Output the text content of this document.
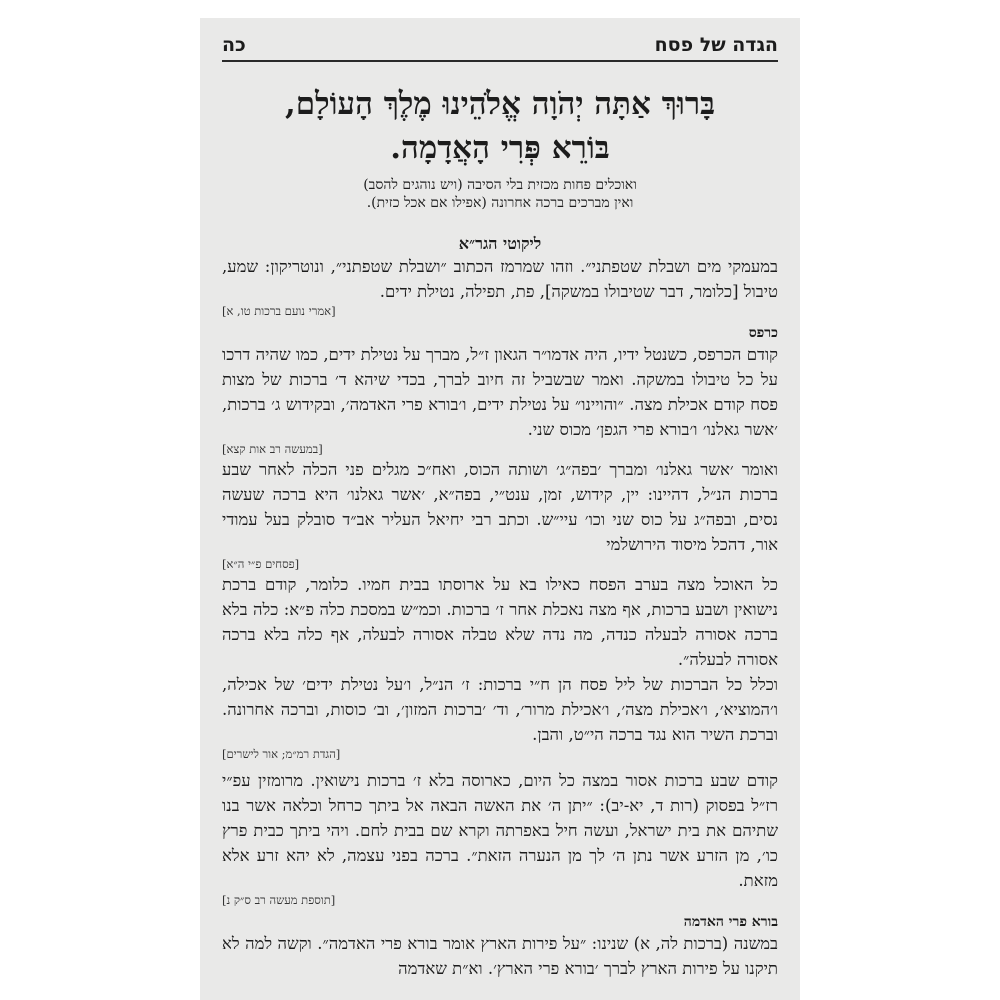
הגדה של פסח
כה
בָּרוּךְ אַתָּה יְהֹוָה אֱלֹהֵינוּ מֶלֶךְ הָעוֹלָם,
בּוֹרֵא פְּרִי הָאֲדָמָה.
ואוכלים פחות מכזית בלי הסיבה (ויש נוהגים להסב)
ואין מברכים ברכה אחרונה (אפילו אם אכל כזית).
ליקוטי הגר״א

במעמקי מים ושבלת שטפתני״. וזהו שמרמז הכתוב ״ושבלת שטפתני״, ונוטריקון: שמע, טיבול [כלומר, דבר שטיבולו במשקה], פת, תפילה, נטילת ידים.

[אמרי נועם ברכות טו, א]
כרפס

קודם הכרפס, כשנטל ידיו, היה אדמו״ר הגאון ז״ל, מברך על נטילת ידים, כמו שהיה דרכו על כל טיבולו במשקה. ואמר שבשביל זה חיוב לברך, בכדי שיהא ד׳ ברכות של מצות פסח קודם אכילת מצה. ״והויינו״ על נטילת ידים, ו׳בורא פרי האדמה׳, ובקידוש ג׳ ברכות, ׳אשר גאלנו׳ ו׳בורא פרי הגפן׳ מכוס שני.

[במעשה רב אות קצא]

ואומר ׳אשר גאלנו׳ ומברך ׳בפה״ג׳ ושותה הכוס, ואח״כ מגלים פני הכלה לאחר שבע ברכות הנ״ל, דהיינו: יין, קידוש, זמן, ענט״י, בפה״א, ׳אשר גאלנו׳ היא ברכה שעשה נסים, ובפה״ג על כוס שני וכו׳ עיי״ש. וכתב רבי יחיאל העליר אב״ד סובלק בעל עמודי אור, דהכל מיסוד הירושלמי

[פסחים פ״י ה״א]

כל האוכל מצה בערב הפסח כאילו בא על ארוסתו בבית חמיו. כלומר, קודם ברכת נישואין ושבע ברכות, אף מצה נאכלת אחר ז׳ ברכות. וכמ״ש במסכת כלה פ״א: כלה בלא ברכה אסורה לבעלה כנדה, מה נדה שלא טבלה אסורה לבעלה, אף כלה בלא ברכה אסורה לבעלה״.

וכלל כל הברכות של ליל פסח הן ח״י ברכות: ז׳ הנ״ל, ו׳על נטילת ידים׳ של אכילה, ו׳המוציא׳, ו׳אכילת מצה׳, ו׳אכילת מרור׳, וד׳ ׳ברכות המזון׳, וב׳ כוסות, וברכה אחרונה. וברכת השיר הוא נגד ברכה הי״ט, והבן.

[הגדת רמ״מ; אור לישרים]

קודם שבע ברכות אסור במצה כל היום, כארוסה בלא ז׳ ברכות נישואין. מרומזין עפ״י רז״ל בפסוק (רות ד, יא-יב): ״יתן ה׳ את האשה הבאה אל ביתך כרחל וכלאה אשר בנו שתיהם את בית ישראל, ועשה חיל באפרתה וקרא שם בבית לחם. ויהי ביתך כבית פרץ כו׳, מן הזרע אשר נתן ה׳ לך מן הנערה הזאת״. ברכה בפני עצמה, לא יהא זרע אלא מזאת.

[תוספת מעשה רב ס״ק נ]
בורא פרי האדמה

במשנה (ברכות לה, א) שנינו: ״על פירות הארץ אומר בורא פרי האדמה״. וקשה למה לא תיקנו על פירות הארץ לברך ׳בורא פרי הארץ׳. וא״ת שאדמה
